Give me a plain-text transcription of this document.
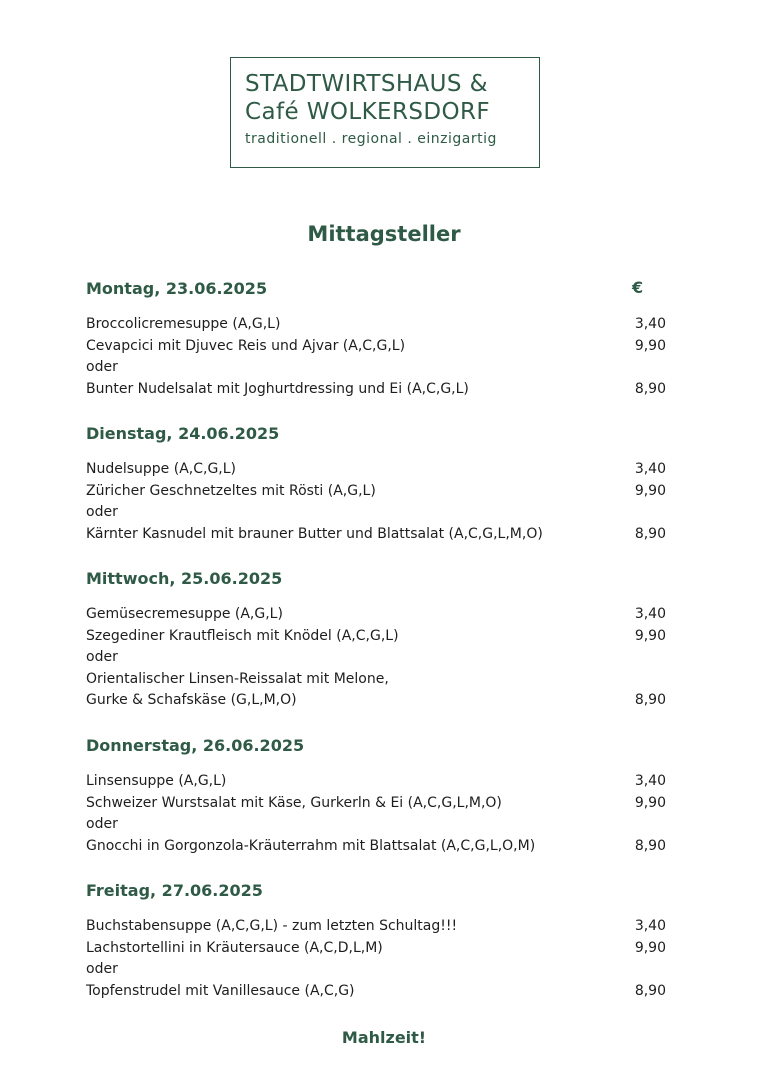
STADTWIRTSHAUS &
Café WOLKERSDORF
traditionell . regional . einzigartig
Mittagsteller
€
Montag, 23.06.2025
Broccolicremesuppe (A,G,L)	3,40
Cevapcici mit Djuvec Reis und Ajvar (A,C,G,L)	9,90
oder
Bunter Nudelsalat mit Joghurtdressing und Ei (A,C,G,L)	8,90
Dienstag, 24.06.2025
Nudelsuppe (A,C,G,L)	3,40
Züricher Geschnetzeltes mit Rösti (A,G,L)	9,90
oder
Kärnter Kasnudel mit brauner Butter und Blattsalat (A,C,G,L,M,O)	8,90
Mittwoch, 25.06.2025
Gemüsecremesuppe (A,G,L)	3,40
Szegediner Krautfleisch mit Knödel (A,C,G,L)	9,90
oder
Orientalischer Linsen-Reissalat mit Melone,
Gurke & Schafskäse (G,L,M,O)	8,90
Donnerstag, 26.06.2025
Linsensuppe (A,G,L)	3,40
Schweizer Wurstsalat mit Käse, Gurkerln & Ei (A,C,G,L,M,O)	9,90
oder
Gnocchi in Gorgonzola-Kräuterrahm mit Blattsalat (A,C,G,L,O,M)	8,90
Freitag, 27.06.2025
Buchstabensuppe (A,C,G,L) - zum letzten Schultag!!!	3,40
Lachstortellini in Kräutersauce (A,C,D,L,M)	9,90
oder
Topfenstrudel mit Vanillesauce (A,C,G)	8,90
Mahlzeit!
